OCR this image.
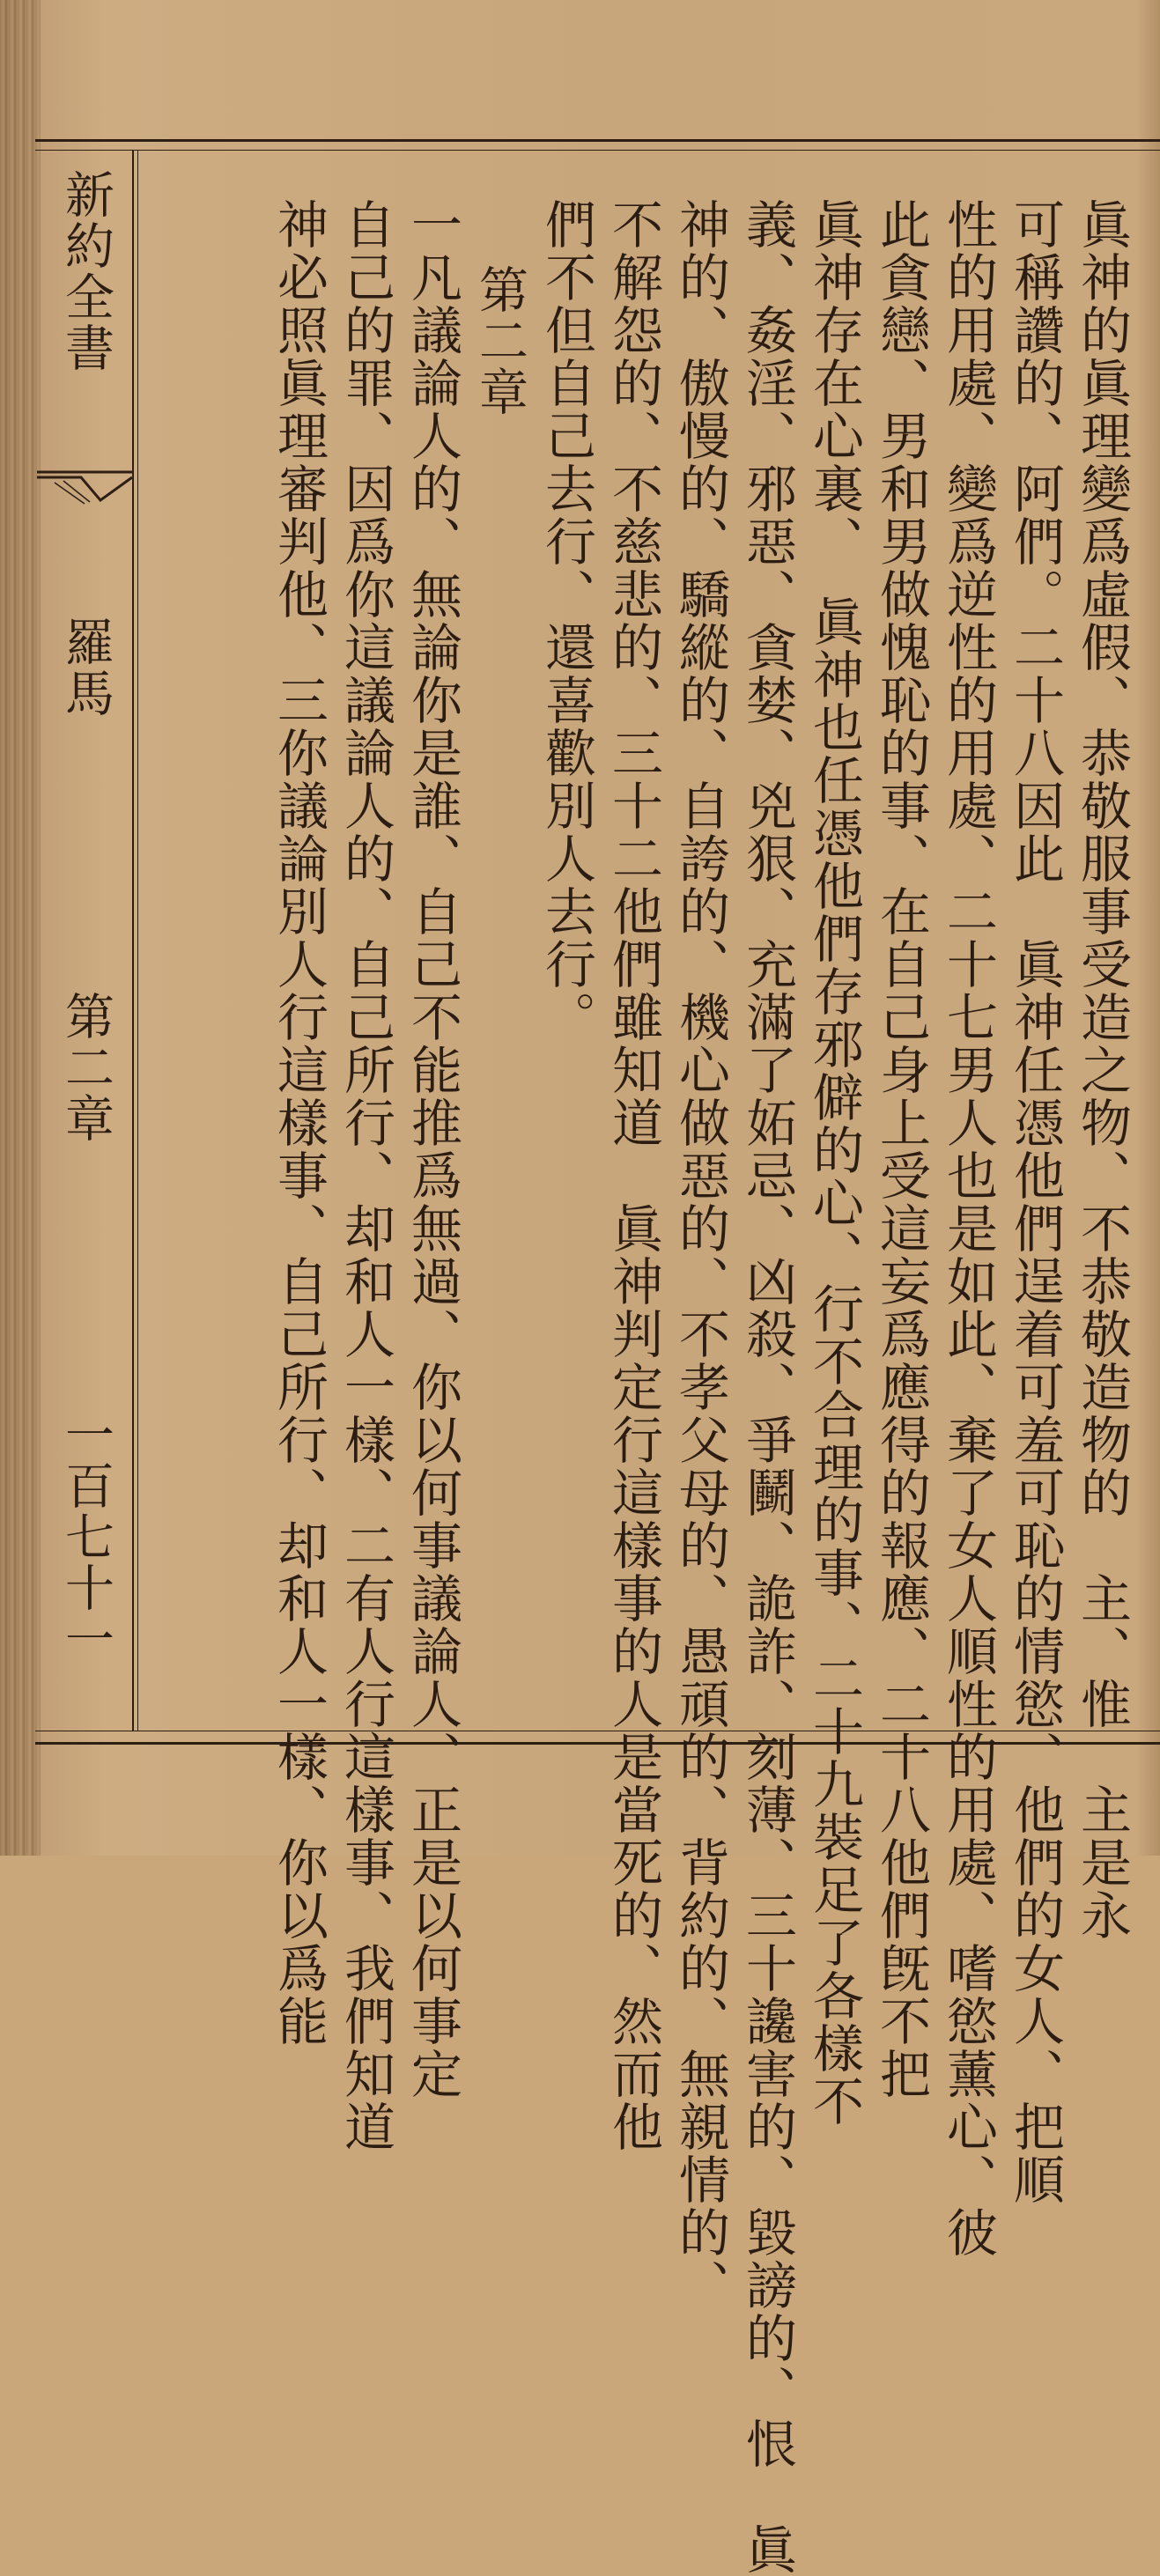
新約全書
羅馬
第二章
一百七十一	眞神的眞理變爲虛假、恭敬服事受造之物、不恭敬造物的　主、惟　主是永
可稱讚的、阿們。二十八因此　眞神任憑他們逞着可羞可恥的情慾、他們的女人、把順
性的用處、變爲逆性的用處、二十七男人也是如此、棄了女人順性的用處、嗜慾薰心、彼
此貪戀、男和男做愧恥的事、在自己身上受這妄爲應得的報應、二十八他們旣不把
眞神存在心裏、　眞神也任憑他們存邪僻的心、行不合理的事、二十九裝足了各樣不
義、姦淫、邪惡、貪婪、兇狠、充滿了妬忌、凶殺、爭鬭、詭詐、刻薄、三十讒害的、毀謗的、恨　眞
神的、傲慢的、驕縱的、自誇的、機心做惡的、不孝父母的、愚頑的、背約的、無親情的、
不解怨的、不慈悲的、三十二他們雖知道　眞神判定行這樣事的人是當死的、然而他
們不但自己去行、還喜歡別人去行。
第二章
一凡議論人的、無論你是誰、自己不能推爲無過、你以何事議論人、正是以何事定
自己的罪、因爲你這議論人的、自己所行、却和人一樣、二有人行這樣事、我們知道
神必照眞理審判他、三你議論別人行這樣事、自己所行、却和人一樣、你以爲能
